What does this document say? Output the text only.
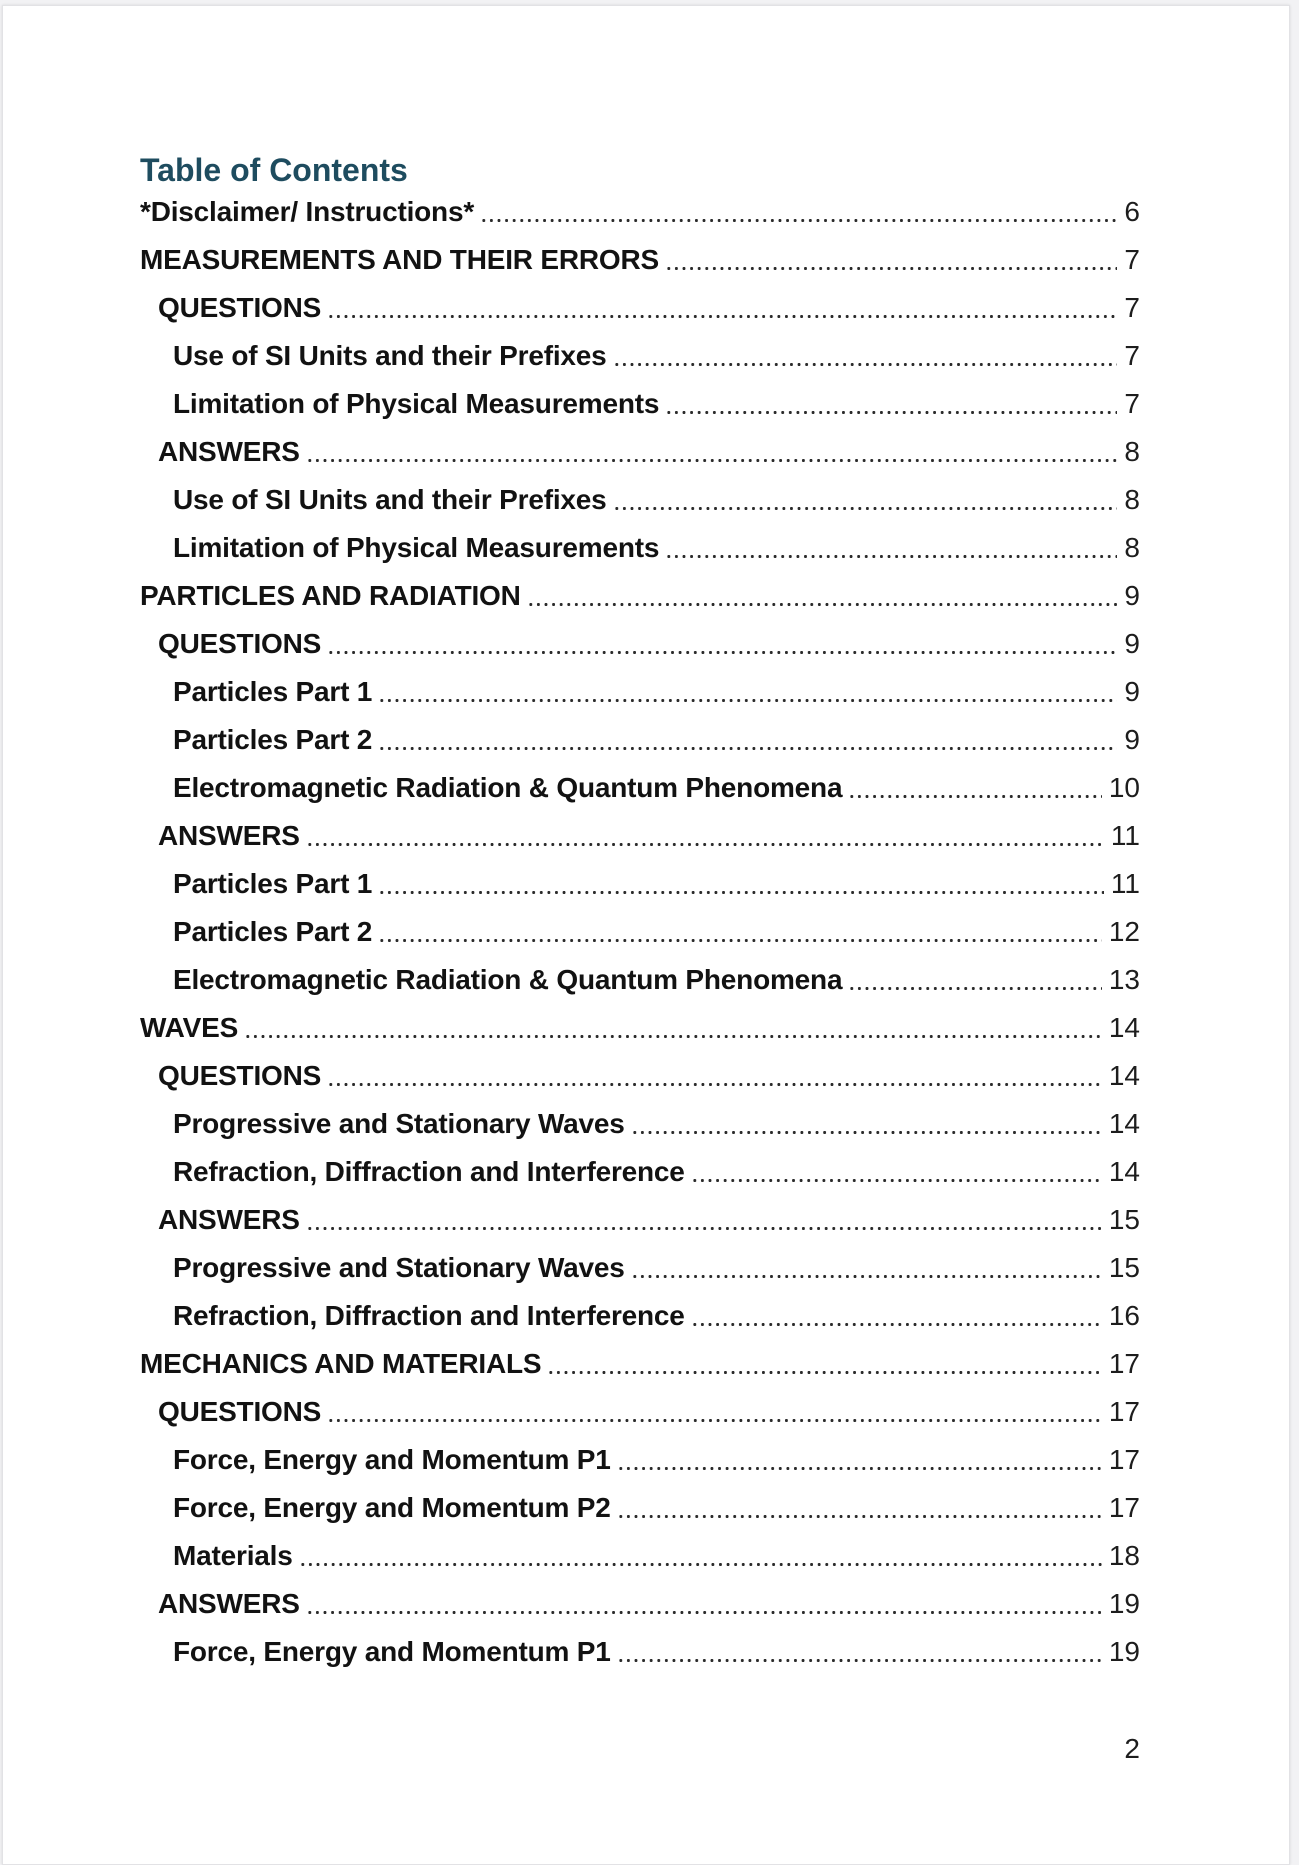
Table of Contents
*Disclaimer/ Instructions*	6
MEASUREMENTS AND THEIR ERRORS	7
QUESTIONS	7
Use of SI Units and their Prefixes	7
Limitation of Physical Measurements	7
ANSWERS	8
Use of SI Units and their Prefixes	8
Limitation of Physical Measurements	8
PARTICLES AND RADIATION	9
QUESTIONS	9
Particles Part 1	9
Particles Part 2	9
Electromagnetic Radiation & Quantum Phenomena	10
ANSWERS	11
Particles Part 1	11
Particles Part 2	12
Electromagnetic Radiation & Quantum Phenomena	13
WAVES	14
QUESTIONS	14
Progressive and Stationary Waves	14
Refraction, Diffraction and Interference	14
ANSWERS	15
Progressive and Stationary Waves	15
Refraction, Diffraction and Interference	16
MECHANICS AND MATERIALS	17
QUESTIONS	17
Force, Energy and Momentum P1	17
Force, Energy and Momentum P2	17
Materials	18
ANSWERS	19
Force, Energy and Momentum P1	19
2
